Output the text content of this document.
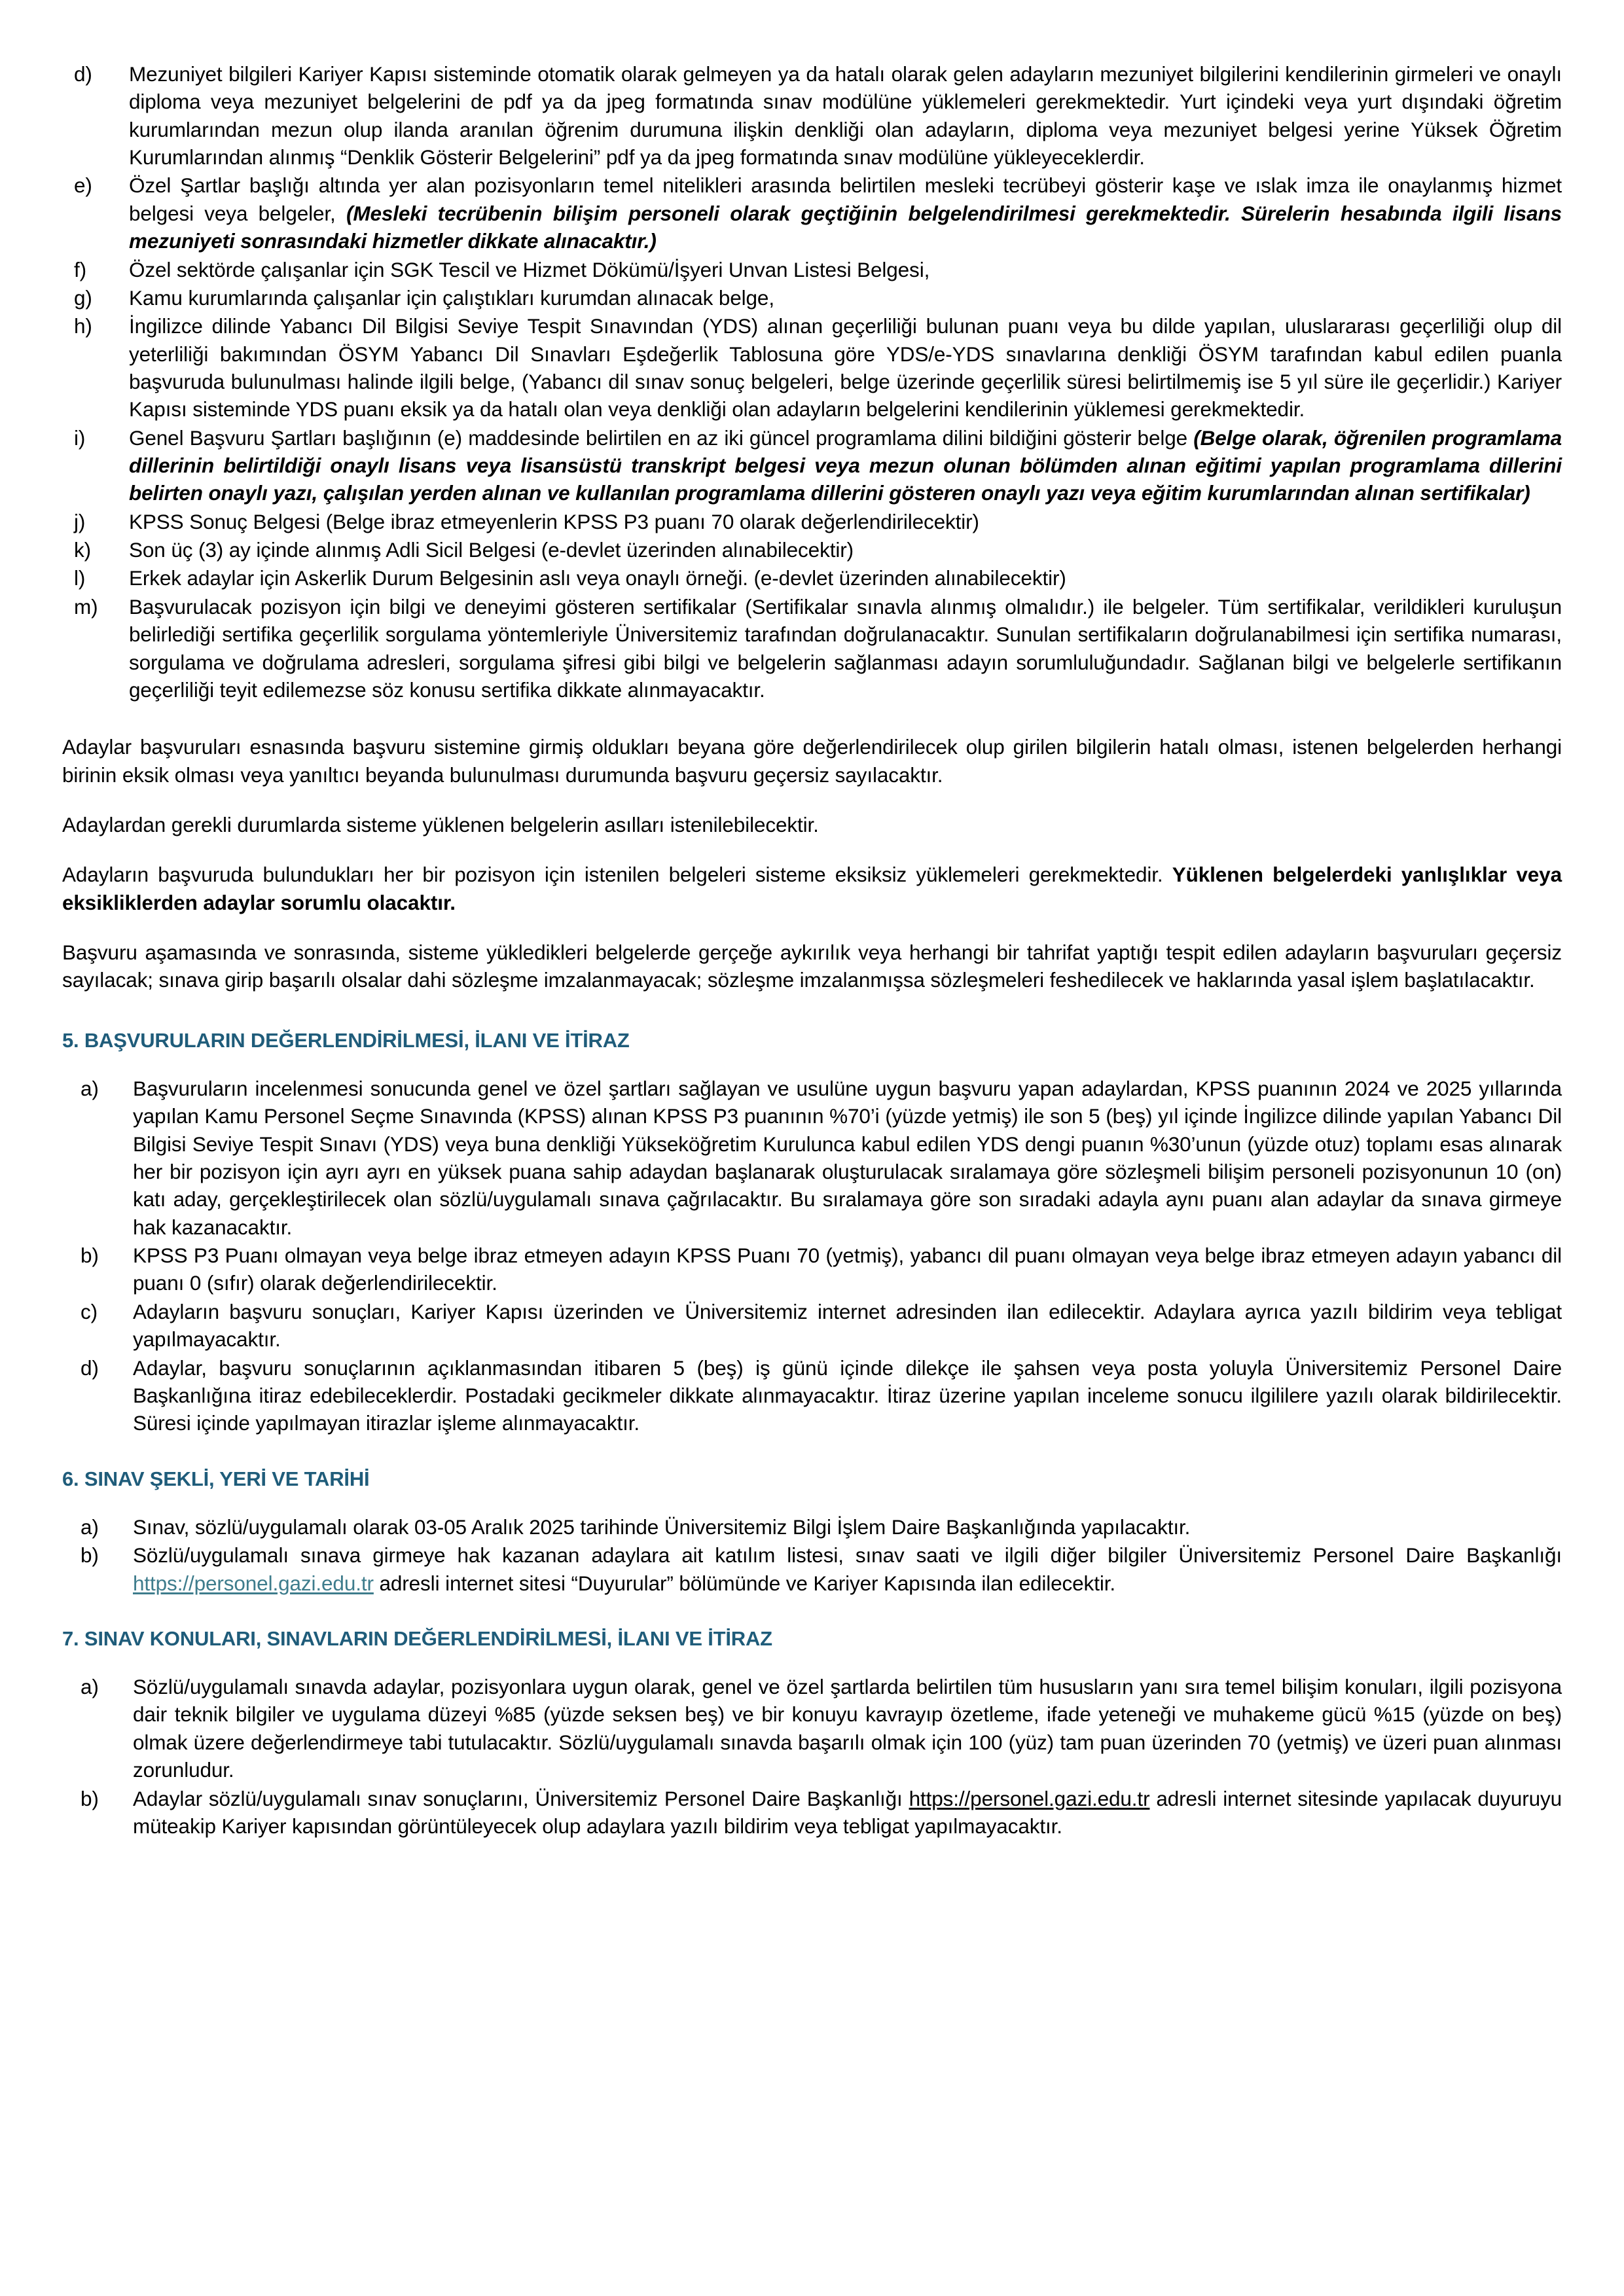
d)	Mezuniyet bilgileri Kariyer Kapısı sisteminde otomatik olarak gelmeyen ya da hatalı olarak gelen adayların mezuniyet bilgilerini kendilerinin girmeleri ve onaylı diploma veya mezuniyet belgelerini de pdf ya da jpeg formatında sınav modülüne yüklemeleri gerekmektedir. Yurt içindeki veya yurt dışındaki öğretim kurumlarından mezun olup ilanda aranılan öğrenim durumuna ilişkin denkliği olan adayların, diploma veya mezuniyet belgesi yerine Yüksek Öğretim Kurumlarından alınmış “Denklik Gösterir Belgelerini” pdf ya da jpeg formatında sınav modülüne yükleyeceklerdir.
e)	Özel Şartlar başlığı altında yer alan pozisyonların temel nitelikleri arasında belirtilen mesleki tecrübeyi gösterir kaşe ve ıslak imza ile onaylanmış hizmet belgesi veya belgeler, (Mesleki tecrübenin bilişim personeli olarak geçtiğinin belgelendirilmesi gerekmektedir. Sürelerin hesabında ilgili lisans mezuniyeti sonrasındaki hizmetler dikkate alınacaktır.)
f)	Özel sektörde çalışanlar için SGK Tescil ve Hizmet Dökümü/İşyeri Unvan Listesi Belgesi,
g)	Kamu kurumlarında çalışanlar için çalıştıkları kurumdan alınacak belge,
h)	İngilizce dilinde Yabancı Dil Bilgisi Seviye Tespit Sınavından (YDS) alınan geçerliliği bulunan puanı veya bu dilde yapılan, uluslararası geçerliliği olup dil yeterliliği bakımından ÖSYM Yabancı Dil Sınavları Eşdeğerlik Tablosuna göre YDS/e-YDS sınavlarına denkliği ÖSYM tarafından kabul edilen puanla başvuruda bulunulması halinde ilgili belge, (Yabancı dil sınav sonuç belgeleri, belge üzerinde geçerlilik süresi belirtilmemiş ise 5 yıl süre ile geçerlidir.) Kariyer Kapısı sisteminde YDS puanı eksik ya da hatalı olan veya denkliği olan adayların belgelerini kendilerinin yüklemesi gerekmektedir.
i)	Genel Başvuru Şartları başlığının (e) maddesinde belirtilen en az iki güncel programlama dilini bildiğini gösterir belge (Belge olarak, öğrenilen programlama dillerinin belirtildiği onaylı lisans veya lisansüstü transkript belgesi veya mezun olunan bölümden alınan eğitimi yapılan programlama dillerini belirten onaylı yazı, çalışılan yerden alınan ve kullanılan programlama dillerini gösteren onaylı yazı veya eğitim kurumlarından alınan sertifikalar)
j)	KPSS Sonuç Belgesi (Belge ibraz etmeyenlerin KPSS P3 puanı 70 olarak değerlendirilecektir)
k)	Son üç (3) ay içinde alınmış Adli Sicil Belgesi (e-devlet üzerinden alınabilecektir)
l)	Erkek adaylar için Askerlik Durum Belgesinin aslı veya onaylı örneği. (e-devlet üzerinden alınabilecektir)
m)	Başvurulacak pozisyon için bilgi ve deneyimi gösteren sertifikalar (Sertifikalar sınavla alınmış olmalıdır.) ile belgeler. Tüm sertifikalar, verildikleri kuruluşun belirlediği sertifika geçerlilik sorgulama yöntemleriyle Üniversitemiz tarafından doğrulanacaktır. Sunulan sertifikaların doğrulanabilmesi için sertifika numarası, sorgulama ve doğrulama adresleri, sorgulama şifresi gibi bilgi ve belgelerin sağlanması adayın sorumluluğundadır. Sağlanan bilgi ve belgelerle sertifikanın geçerliliği teyit edilemezse söz konusu sertifika dikkate alınmayacaktır.

Adaylar başvuruları esnasında başvuru sistemine girmiş oldukları beyana göre değerlendirilecek olup girilen bilgilerin hatalı olması, istenen belgelerden herhangi birinin eksik olması veya yanıltıcı beyanda bulunulması durumunda başvuru geçersiz sayılacaktır.

Adaylardan gerekli durumlarda sisteme yüklenen belgelerin asılları istenilebilecektir.

Adayların başvuruda bulundukları her bir pozisyon için istenilen belgeleri sisteme eksiksiz yüklemeleri gerekmektedir. Yüklenen belgelerdeki yanlışlıklar veya eksikliklerden adaylar sorumlu olacaktır.

Başvuru aşamasında ve sonrasında, sisteme yükledikleri belgelerde gerçeğe aykırılık veya herhangi bir tahrifat yaptığı tespit edilen adayların başvuruları geçersiz sayılacak; sınava girip başarılı olsalar dahi sözleşme imzalanmayacak; sözleşme imzalanmışsa sözleşmeleri feshedilecek ve haklarında yasal işlem başlatılacaktır.

5. BAŞVURULARIN DEĞERLENDİRİLMESİ, İLANI VE İTİRAZ
a)	Başvuruların incelenmesi sonucunda genel ve özel şartları sağlayan ve usulüne uygun başvuru yapan adaylardan, KPSS puanının 2024 ve 2025 yıllarında yapılan Kamu Personel Seçme Sınavında (KPSS) alınan KPSS P3 puanının %70’i (yüzde yetmiş) ile son 5 (beş) yıl içinde İngilizce dilinde yapılan Yabancı Dil Bilgisi Seviye Tespit Sınavı (YDS) veya buna denkliği Yükseköğretim Kurulunca kabul edilen YDS dengi puanın %30’unun (yüzde otuz) toplamı esas alınarak her bir pozisyon için ayrı ayrı en yüksek puana sahip adaydan başlanarak oluşturulacak sıralamaya göre sözleşmeli bilişim personeli pozisyonunun 10 (on) katı aday, gerçekleştirilecek olan sözlü/uygulamalı sınava çağrılacaktır. Bu sıralamaya göre son sıradaki adayla aynı puanı alan adaylar da sınava girmeye hak kazanacaktır.
b)	KPSS P3 Puanı olmayan veya belge ibraz etmeyen adayın KPSS Puanı 70 (yetmiş), yabancı dil puanı olmayan veya belge ibraz etmeyen adayın yabancı dil puanı 0 (sıfır) olarak değerlendirilecektir.
c)	Adayların başvuru sonuçları, Kariyer Kapısı üzerinden ve Üniversitemiz internet adresinden ilan edilecektir. Adaylara ayrıca yazılı bildirim veya tebligat yapılmayacaktır.
d)	Adaylar, başvuru sonuçlarının açıklanmasından itibaren 5 (beş) iş günü içinde dilekçe ile şahsen veya posta yoluyla Üniversitemiz Personel Daire Başkanlığına itiraz edebileceklerdir. Postadaki gecikmeler dikkate alınmayacaktır. İtiraz üzerine yapılan inceleme sonucu ilgililere yazılı olarak bildirilecektir. Süresi içinde yapılmayan itirazlar işleme alınmayacaktır.
6. SINAV ŞEKLİ, YERİ VE TARİHİ
a)	Sınav, sözlü/uygulamalı olarak 03-05 Aralık 2025 tarihinde Üniversitemiz Bilgi İşlem Daire Başkanlığında yapılacaktır.
b)	Sözlü/uygulamalı sınava girmeye hak kazanan adaylara ait katılım listesi, sınav saati ve ilgili diğer bilgiler Üniversitemiz Personel Daire Başkanlığı https://personel.gazi.edu.tr adresli internet sitesi “Duyurular” bölümünde ve Kariyer Kapısında ilan edilecektir.
7. SINAV KONULARI, SINAVLARIN DEĞERLENDİRİLMESİ, İLANI VE İTİRAZ
a)	Sözlü/uygulamalı sınavda adaylar, pozisyonlara uygun olarak, genel ve özel şartlarda belirtilen tüm hususların yanı sıra temel bilişim konuları, ilgili pozisyona dair teknik bilgiler ve uygulama düzeyi %85 (yüzde seksen beş) ve bir konuyu kavrayıp özetleme, ifade yeteneği ve muhakeme gücü %15 (yüzde on beş) olmak üzere değerlendirmeye tabi tutulacaktır. Sözlü/uygulamalı sınavda başarılı olmak için 100 (yüz) tam puan üzerinden 70 (yetmiş) ve üzeri puan alınması zorunludur.
b)	Adaylar sözlü/uygulamalı sınav sonuçlarını, Üniversitemiz Personel Daire Başkanlığı https://personel.gazi.edu.tr adresli internet sitesinde yapılacak duyuruyu müteakip Kariyer kapısından görüntüleyecek olup adaylara yazılı bildirim veya tebligat yapılmayacaktır.
